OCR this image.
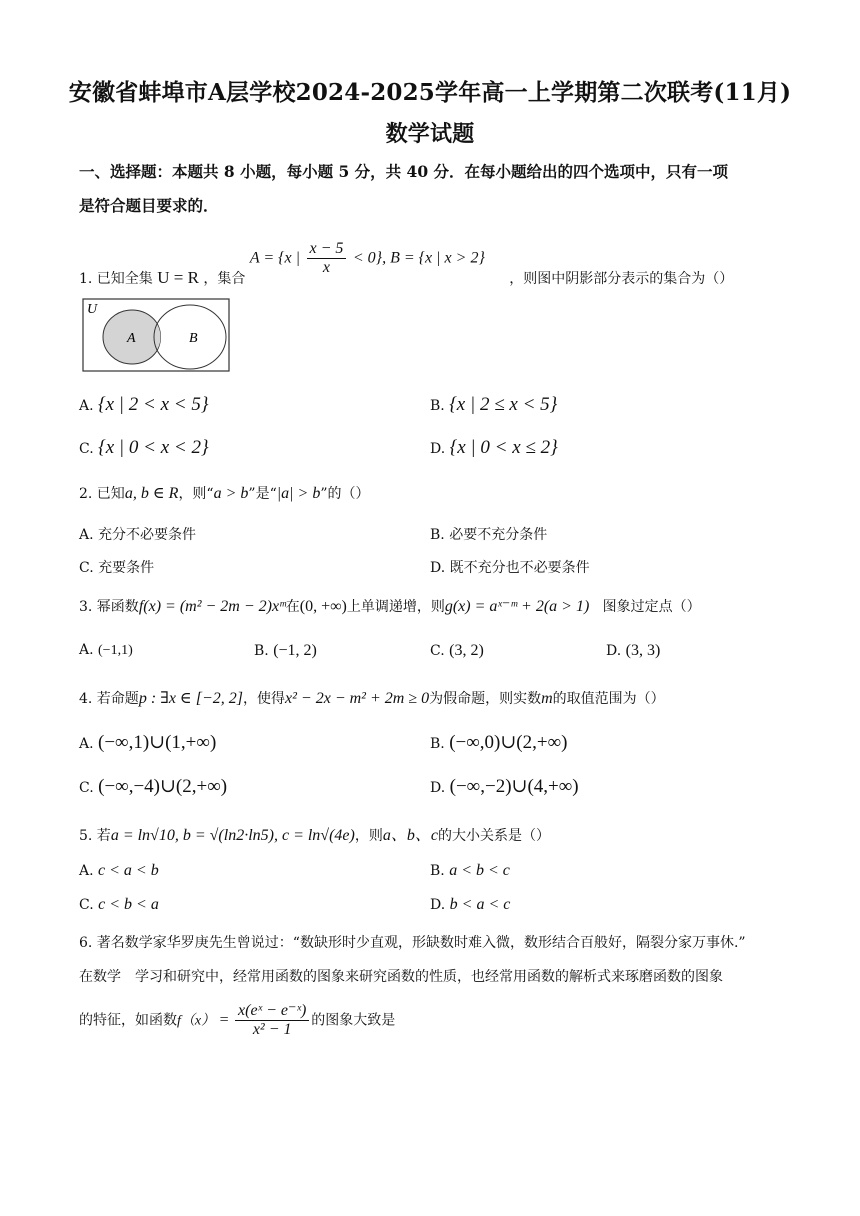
安徽省蚌埠市A层学校2024-2025学年高一上学期第二次联考(11月)
数学试题
一、选择题：本题共 8 小题，每小题 5 分，共 40 分．在每小题给出的四个选项中，只有一项
是符合题目要求的．
1. 已知全集 U = R ，集合 A = {x | $\frac{x - 5}{x} < 0$}, B = {x | x > 2} ，则图中阴影部分表示的集合为（）
U
A	B
A. {x | 2 < x < 5}	B. {x | 2 ≤ x < 5}
C. {x | 0 < x < 2}	D. {x | 0 < x ≤ 2}
2. 已知a, b ∈ R，则“a > b”是“|a| > b”的（）
A. 充分不必要条件	B. 必要不充分条件
C. 充要条件	D. 既不充分也不必要条件
3. 幂函数f(x) = (m² − 2m − 2)xᵐ在(0, +∞)上单调递增，则g(x) = aˣ⁻ᵐ + 2(a > 1) 图象过定点（）
A. (−1,1)	B. (−1, 2)	C. (3, 2)	D. (3, 3)
4. 若命题p : ∃x ∈ [−2, 2]，使得x² − 2x − m² + 2m ≥ 0为假命题，则实数m的取值范围为（）
A. (−∞,1)∪(1,+∞)	B. (−∞,0)∪(2,+∞)
C. (−∞,−4)∪(2,+∞)	D. (−∞,−2)∪(4,+∞)
5. 若a = ln√10, b = √(ln2·ln5), c = ln√(4e)，则a、b、c的大小关系是（）
A. c < a < b	B. a < b < c
C. c < b < a	D. b < a < c
6. 著名数学家华罗庚先生曾说过：“数缺形时少直观，形缺数时难入微，数形结合百般好，隔裂分家万事休.”
在数学　学习和研究中，经常用函数的图象来研究函数的性质，也经常用函数的解析式来琢磨函数的图象
的特征，如函数$f(x) = \frac{\text{x(eˣ − e⁻ˣ)}}{\text{x² − 1}}$ 的图象大致是
